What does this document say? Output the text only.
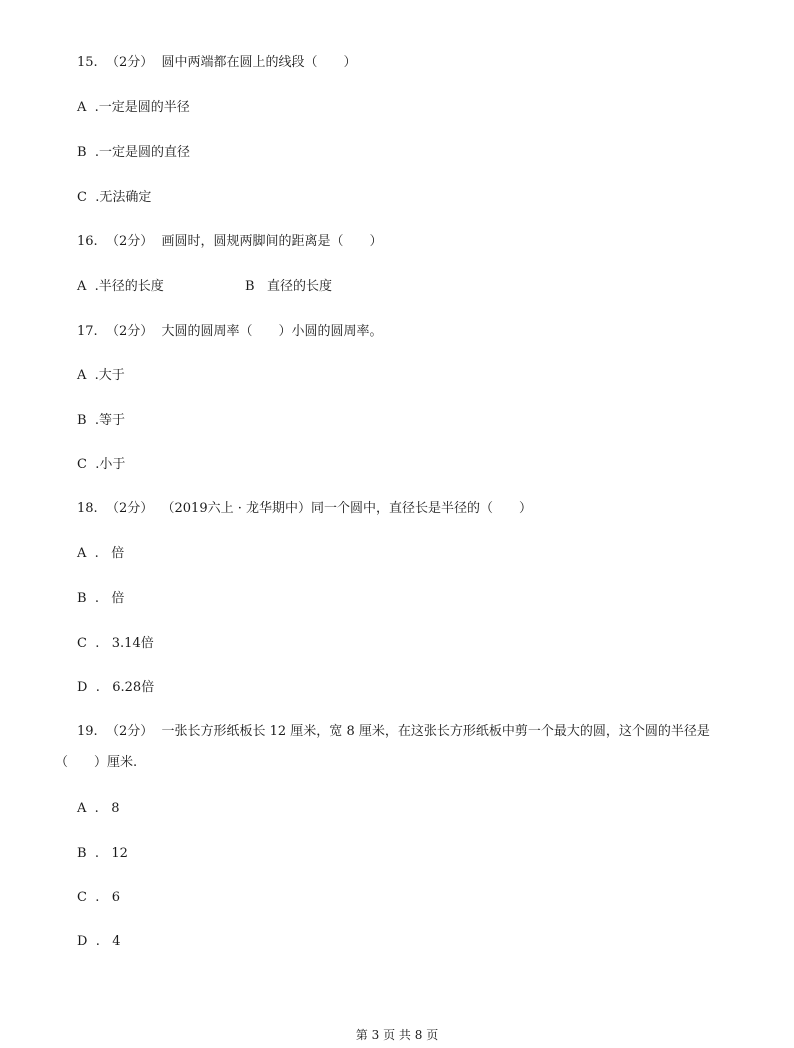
15. （2分） 圆中两端都在圆上的线段（　　）
A .一定是圆的半径
B .一定是圆的直径
C .无法确定
16. （2分） 画圆时，圆规两脚间的距离是（　　）
A .半径的长度	B 直径的长度
17. （2分） 大圆的圆周率（　　）小圆的圆周率。
A .大于
B .等于
C .小于
18. （2分） （2019六上 · 龙华期中）同一个圆中，直径长是半径的（　　）
A . 倍
B . 倍
C . 3.14倍
D . 6.28倍
19. （2分） 一张长方形纸板长 12 厘米，宽 8 厘米，在这张长方形纸板中剪一个最大的圆，这个圆的半径是
（　　）厘米.
A . 8
B . 12
C . 6
D . 4
第 3 页 共 8 页
